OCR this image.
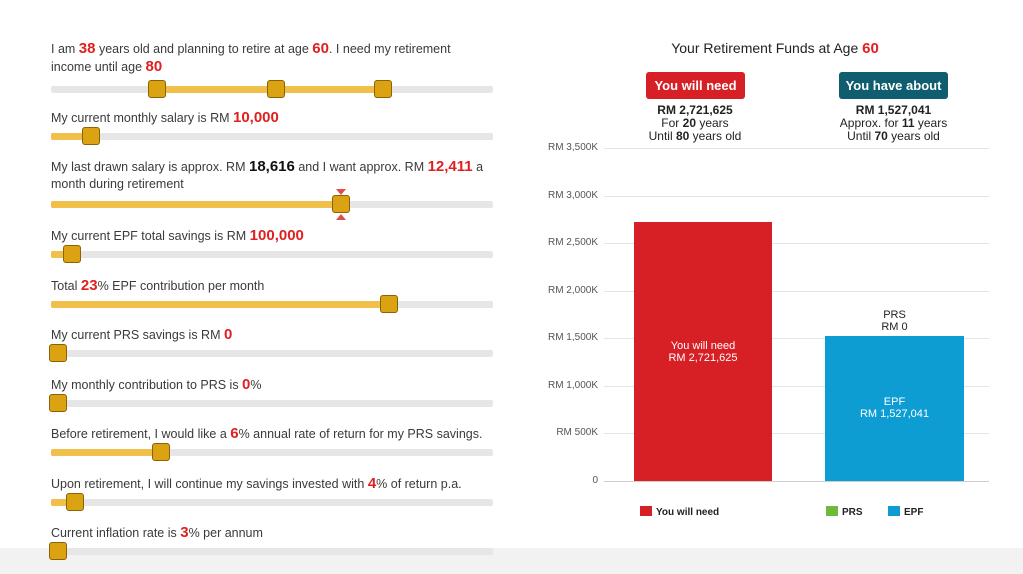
I am 38 years old and planning to retire at age 60. I need my retirement income until age 80
My current monthly salary is RM 10,000
My last drawn salary is approx. RM 18,616 and I want approx. RM 12,411 a month during retirement
My current EPF total savings is RM 100,000
Total 23% EPF contribution per month
My current PRS savings is RM 0
My monthly contribution to PRS is 0%
Before retirement, I would like a 6% annual rate of return for my PRS savings.
Upon retirement, I will continue my savings invested with 4% of return p.a.
Current inflation rate is 3% per annum
Your Retirement Funds at Age 60
You will need	You have about
RM 2,721,625
For 20 years
Until 80 years old
RM 1,527,041
Approx. for 11 years
Until 70 years old
RM 3,500K
RM 3,000K
RM 2,500K
RM 2,000K
RM 1,500K
RM 1,000K
RM 500K
0
You will need
RM 2,721,625
EPF
RM 1,527,041
PRS
RM 0
You will need	PRS	EPF
